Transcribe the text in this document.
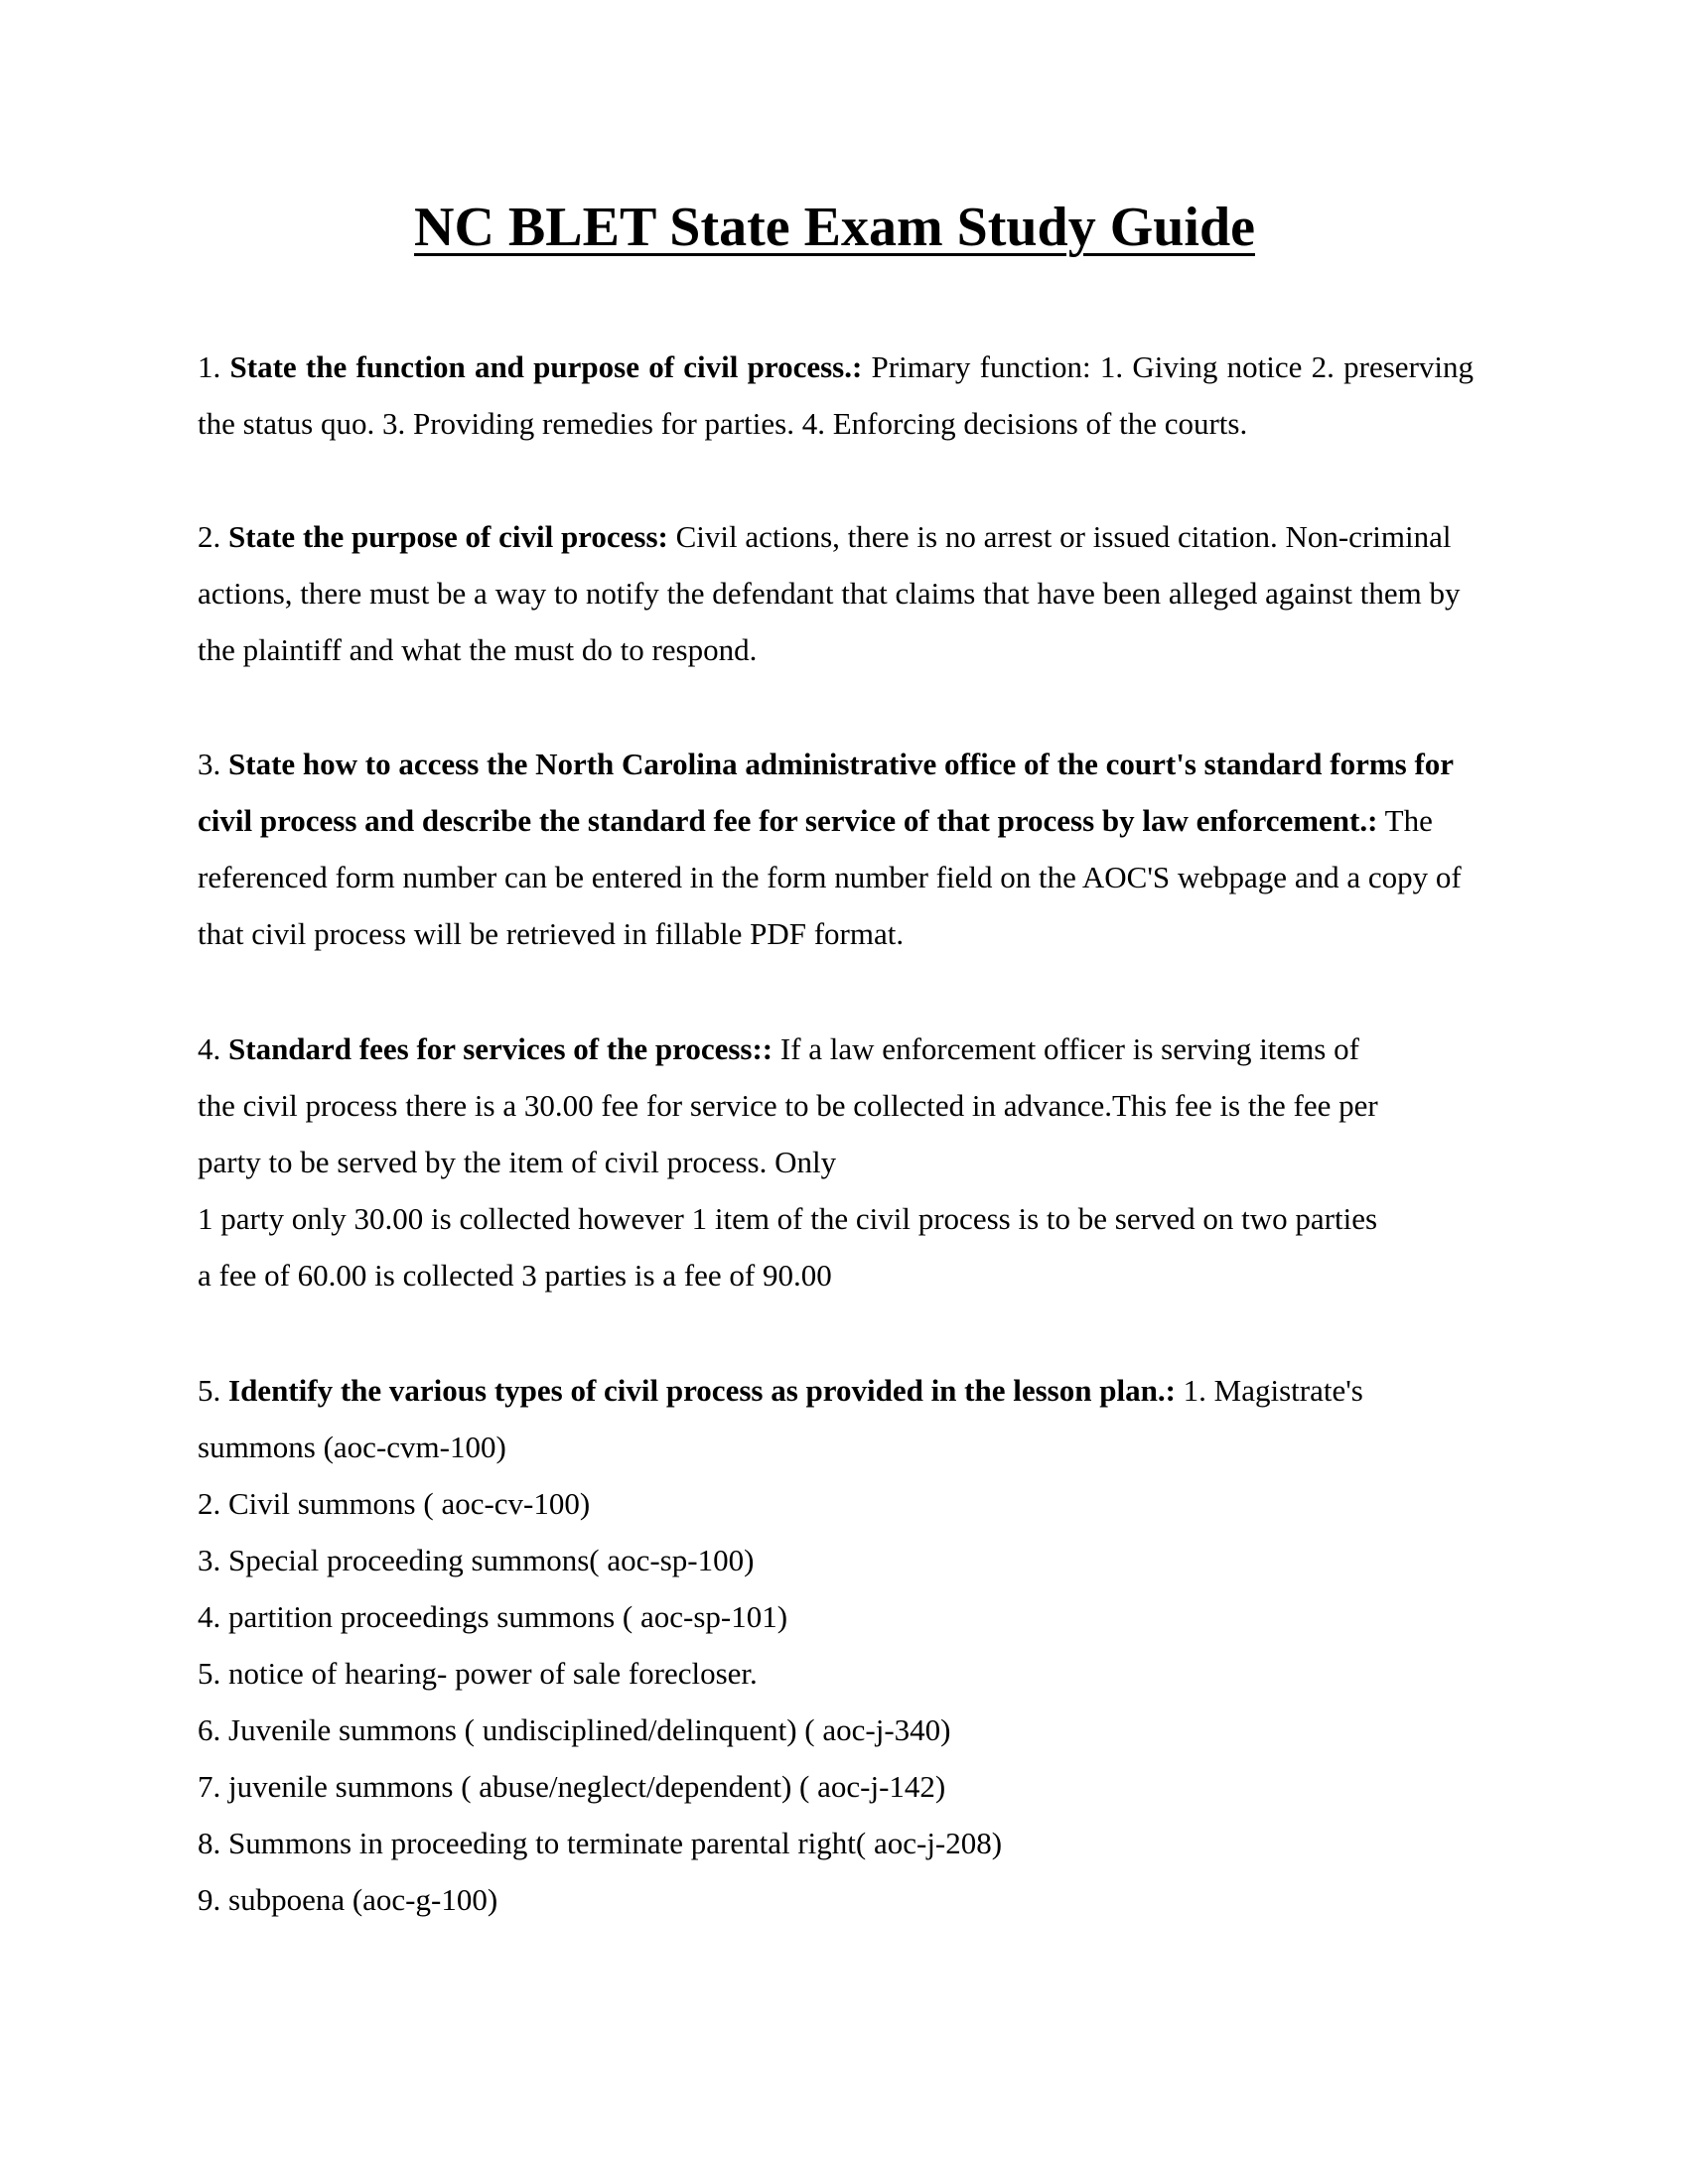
NC BLET State Exam Study Guide

1. State the function and purpose of civil process.: Primary function: 1. Giving notice 2. preserving the status quo. 3. Providing remedies for parties. 4. Enforcing decisions of the courts.

2. State the purpose of civil process: Civil actions, there is no arrest or issued citation. Non-criminal actions, there must be a way to notify the defendant that claims that have been alleged against them by the plaintiff and what the must do to respond.

3. State how to access the North Carolina administrative office of the court's standard forms for civil process and describe the standard fee for service of that process by law enforcement.: The referenced form number can be entered in the form number field on the AOC'S webpage and a copy of that civil process will be retrieved in fillable PDF format.

4. Standard fees for services of the process:: If a law enforcement officer is serving items of
the civil process there is a 30.00 fee for service to be collected in advance.This fee is the fee per
party to be served by the item of civil process. Only
1 party only 30.00 is collected however 1 item of the civil process is to be served on two parties
a fee of 60.00 is collected 3 parties is a fee of 90.00
5. Identify the various types of civil process as provided in the lesson plan.: 1. Magistrate's
summons (aoc-cvm-100)
2. Civil summons ( aoc-cv-100)
3. Special proceeding summons( aoc-sp-100)
4. partition proceedings summons ( aoc-sp-101)
5. notice of hearing- power of sale forecloser.
6. Juvenile summons ( undisciplined/delinquent) ( aoc-j-340)
7. juvenile summons ( abuse/neglect/dependent) ( aoc-j-142)
8. Summons in proceeding to terminate parental right( aoc-j-208)
9. subpoena (aoc-g-100)
